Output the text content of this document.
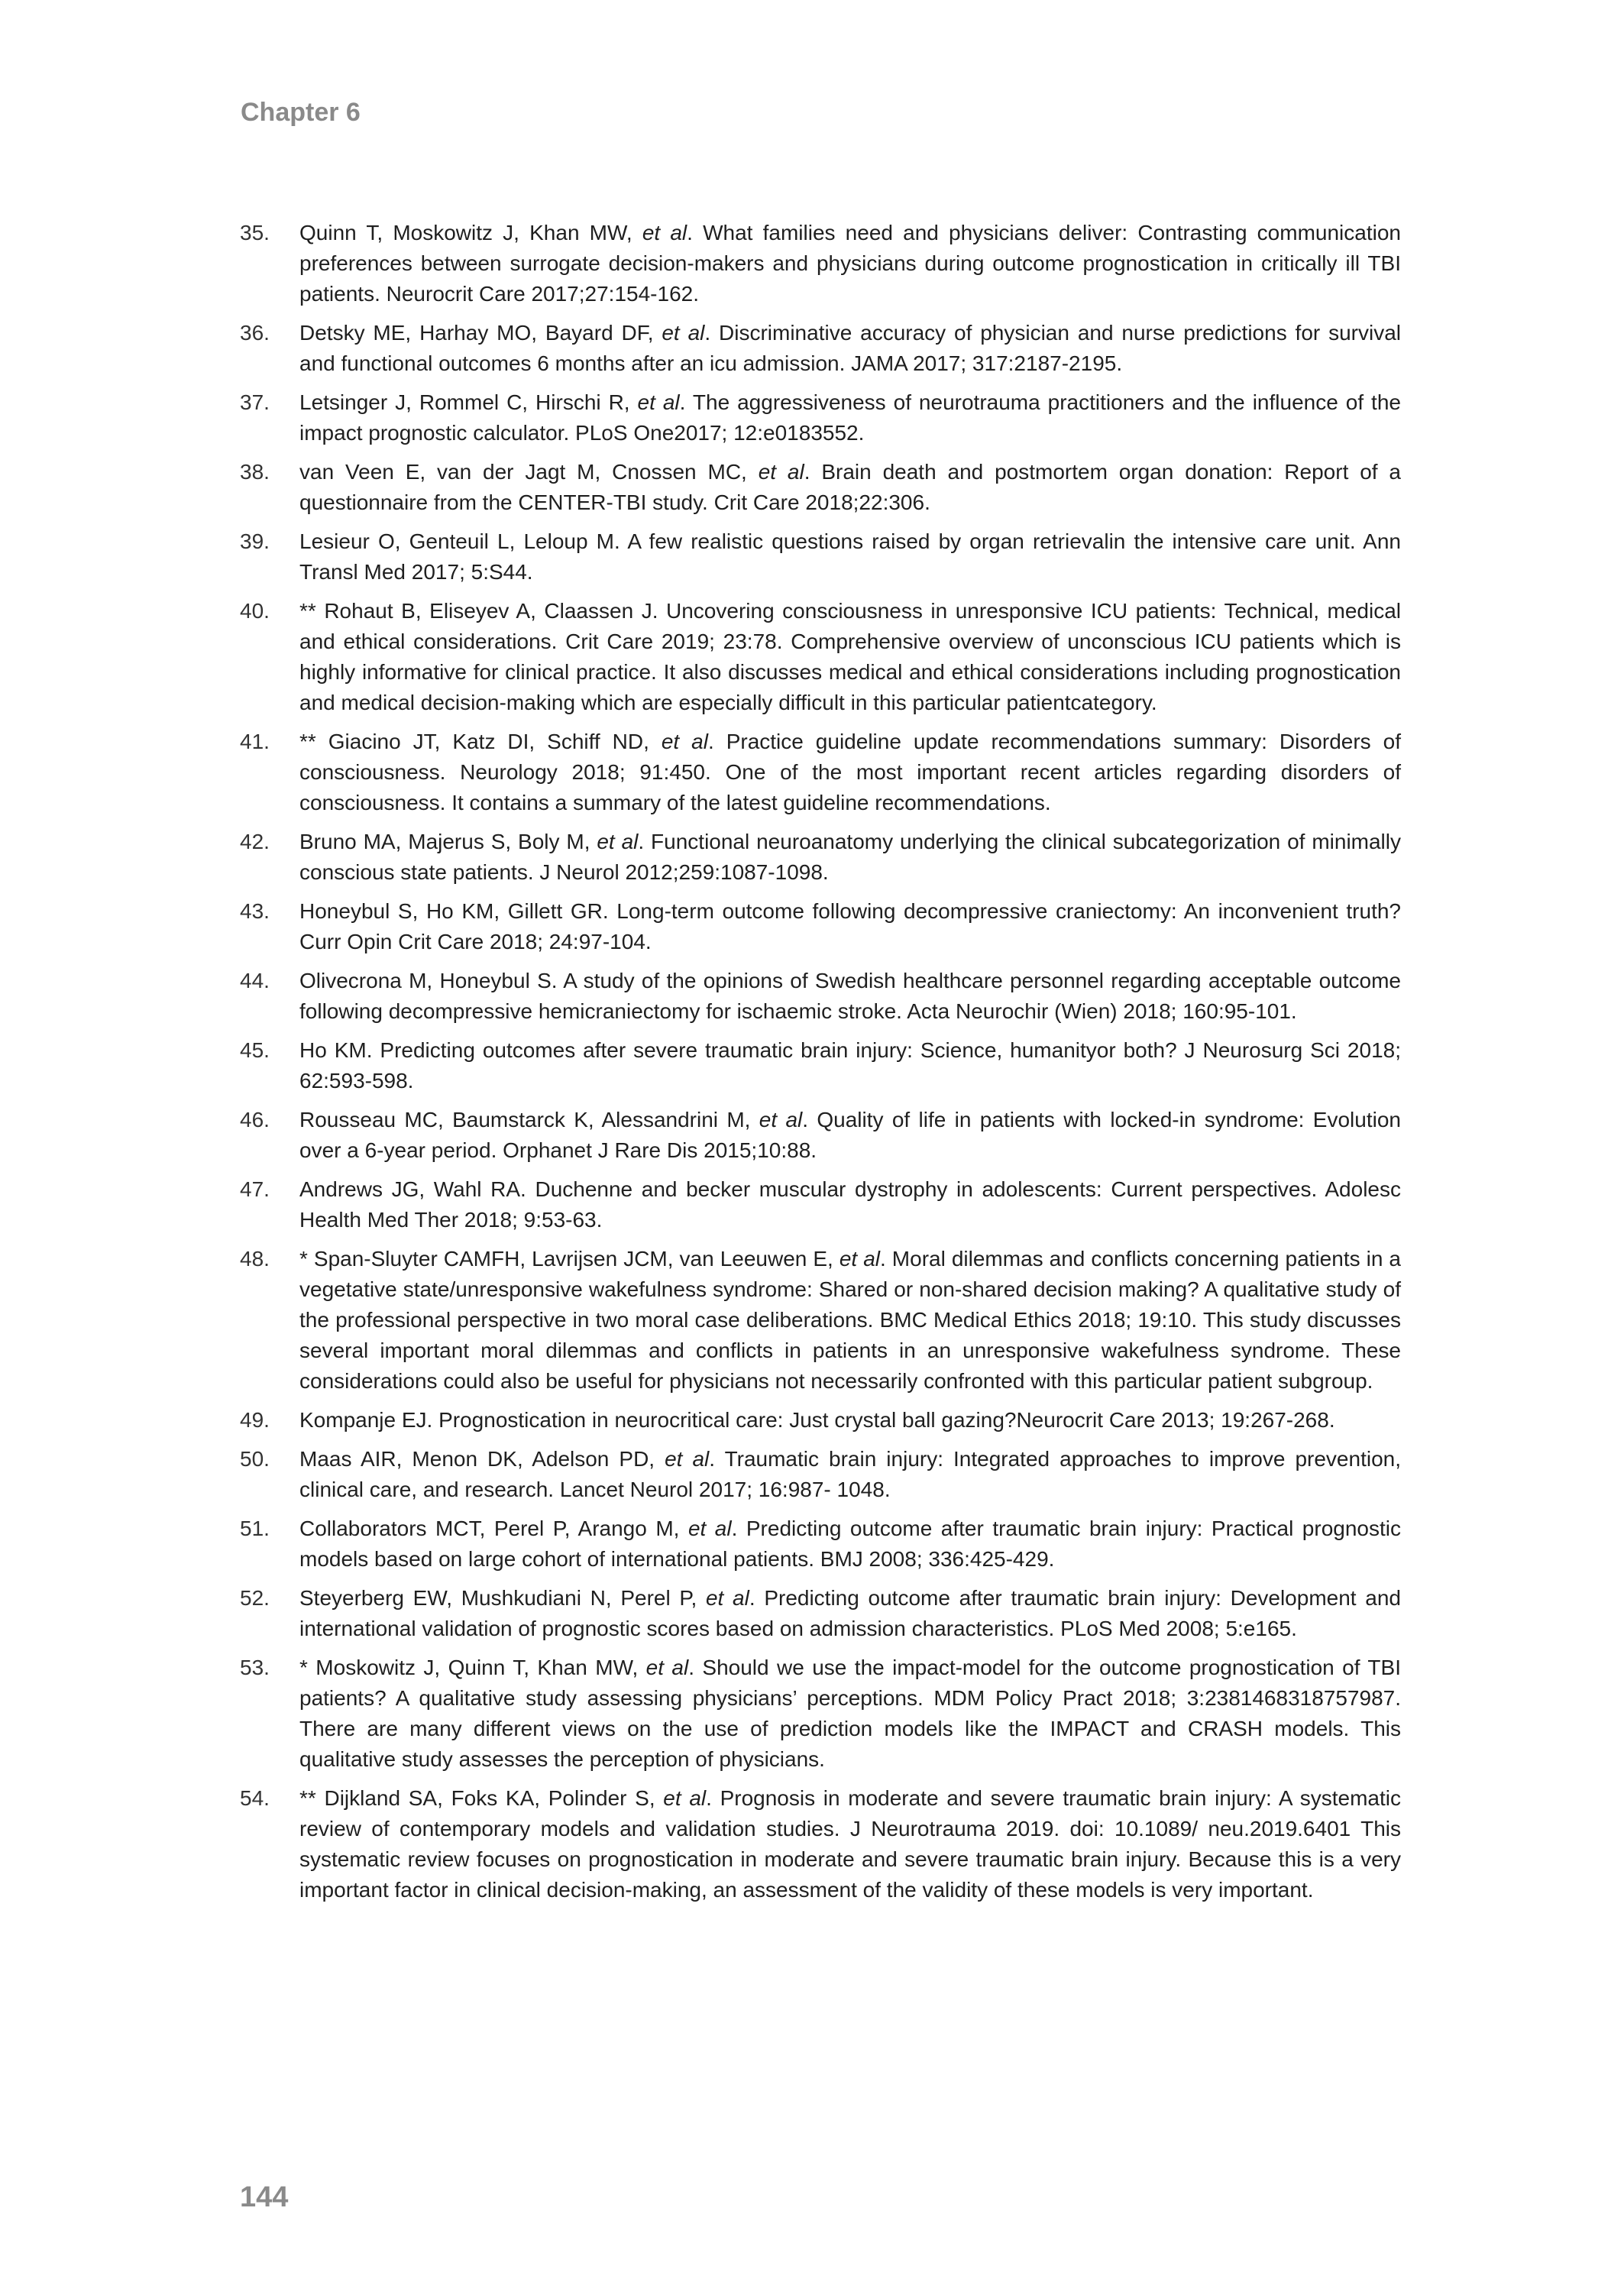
Chapter 6
35.	Quinn T, Moskowitz J, Khan MW, et al. What families need and physicians deliver: Contrasting communication preferences between surrogate decision-makers and physicians during outcome prognostication in critically ill TBI patients. Neurocrit Care 2017;27:154-162.
36.	Detsky ME, Harhay MO, Bayard DF, et al. Discriminative accuracy of physician and nurse predictions for survival and functional outcomes 6 months after an icu admission. JAMA 2017; 317:2187-2195.
37.	Letsinger J, Rommel C, Hirschi R, et al. The aggressiveness of neurotrauma practitioners and the influence of the impact prognostic calculator. PLoS One2017; 12:e0183552.
38.	van Veen E, van der Jagt M, Cnossen MC, et al. Brain death and postmortem organ donation: Report of a questionnaire from the CENTER-TBI study. Crit Care 2018;22:306.
39.	Lesieur O, Genteuil L, Leloup M. A few realistic questions raised by organ retrievalin the intensive care unit. Ann Transl Med 2017; 5:S44.
40.	** Rohaut B, Eliseyev A, Claassen J. Uncovering consciousness in unresponsive ICU patients: Technical, medical and ethical considerations. Crit Care 2019; 23:78. Comprehensive overview of unconscious ICU patients which is highly informative for clinical practice. It also discusses medical and ethical considerations including prognostication and medical decision-making which are especially difficult in this particular patientcategory.
41.	** Giacino JT, Katz DI, Schiff ND, et al. Practice guideline update recommendations summary: Disorders of consciousness. Neurology 2018; 91:450. One of the most important recent articles regarding disorders of consciousness. It contains a summary of the latest guideline recommendations.
42.	Bruno MA, Majerus S, Boly M, et al. Functional neuroanatomy underlying the clinical subcategorization of minimally conscious state patients. J Neurol 2012;259:1087-1098.
43.	Honeybul S, Ho KM, Gillett GR. Long-term outcome following decompressive craniectomy: An inconvenient truth? Curr Opin Crit Care 2018; 24:97-104.
44.	Olivecrona M, Honeybul S. A study of the opinions of Swedish healthcare personnel regarding acceptable outcome following decompressive hemicraniectomy for ischaemic stroke. Acta Neurochir (Wien) 2018; 160:95-101.
45.	Ho KM. Predicting outcomes after severe traumatic brain injury: Science, humanityor both? J Neurosurg Sci 2018; 62:593-598.
46.	Rousseau MC, Baumstarck K, Alessandrini M, et al. Quality of life in patients with locked-in syndrome: Evolution over a 6-year period. Orphanet J Rare Dis 2015;10:88.
47.	Andrews JG, Wahl RA. Duchenne and becker muscular dystrophy in adolescents: Current perspectives. Adolesc Health Med Ther 2018; 9:53-63.
48.	* Span-Sluyter CAMFH, Lavrijsen JCM, van Leeuwen E, et al. Moral dilemmas and conflicts concerning patients in a vegetative state/unresponsive wakefulness syndrome: Shared or non-shared decision making? A qualitative study of the professional perspective in two moral case deliberations. BMC Medical Ethics 2018; 19:10. This study discusses several important moral dilemmas and conflicts in patients in an unresponsive wakefulness syndrome. These considerations could also be useful for physicians not necessarily confronted with this particular patient subgroup.
49.	Kompanje EJ. Prognostication in neurocritical care: Just crystal ball gazing?Neurocrit Care 2013; 19:267-268.
50.	Maas AIR, Menon DK, Adelson PD, et al. Traumatic brain injury: Integrated approaches to improve prevention, clinical care, and research. Lancet Neurol 2017; 16:987- 1048.
51.	Collaborators MCT, Perel P, Arango M, et al. Predicting outcome after traumatic brain injury: Practical prognostic models based on large cohort of international patients. BMJ 2008; 336:425-429.
52.	Steyerberg EW, Mushkudiani N, Perel P, et al. Predicting outcome after traumatic brain injury: Development and international validation of prognostic scores based on admission characteristics. PLoS Med 2008; 5:e165.
53.	* Moskowitz J, Quinn T, Khan MW, et al. Should we use the impact-model for the outcome prognostication of TBI patients? A qualitative study assessing physicians’ perceptions. MDM Policy Pract 2018; 3:2381468318757987. There are many different views on the use of prediction models like the IMPACT and CRASH models. This qualitative study assesses the perception of physicians.
54.	** Dijkland SA, Foks KA, Polinder S, et al. Prognosis in moderate and severe traumatic brain injury: A systematic review of contemporary models and validation studies. J Neurotrauma 2019. doi: 10.1089/ neu.2019.6401 This systematic review focuses on prognostication in moderate and severe traumatic brain injury. Because this is a very important factor in clinical decision-making, an assessment of the validity of these models is very important.
144
